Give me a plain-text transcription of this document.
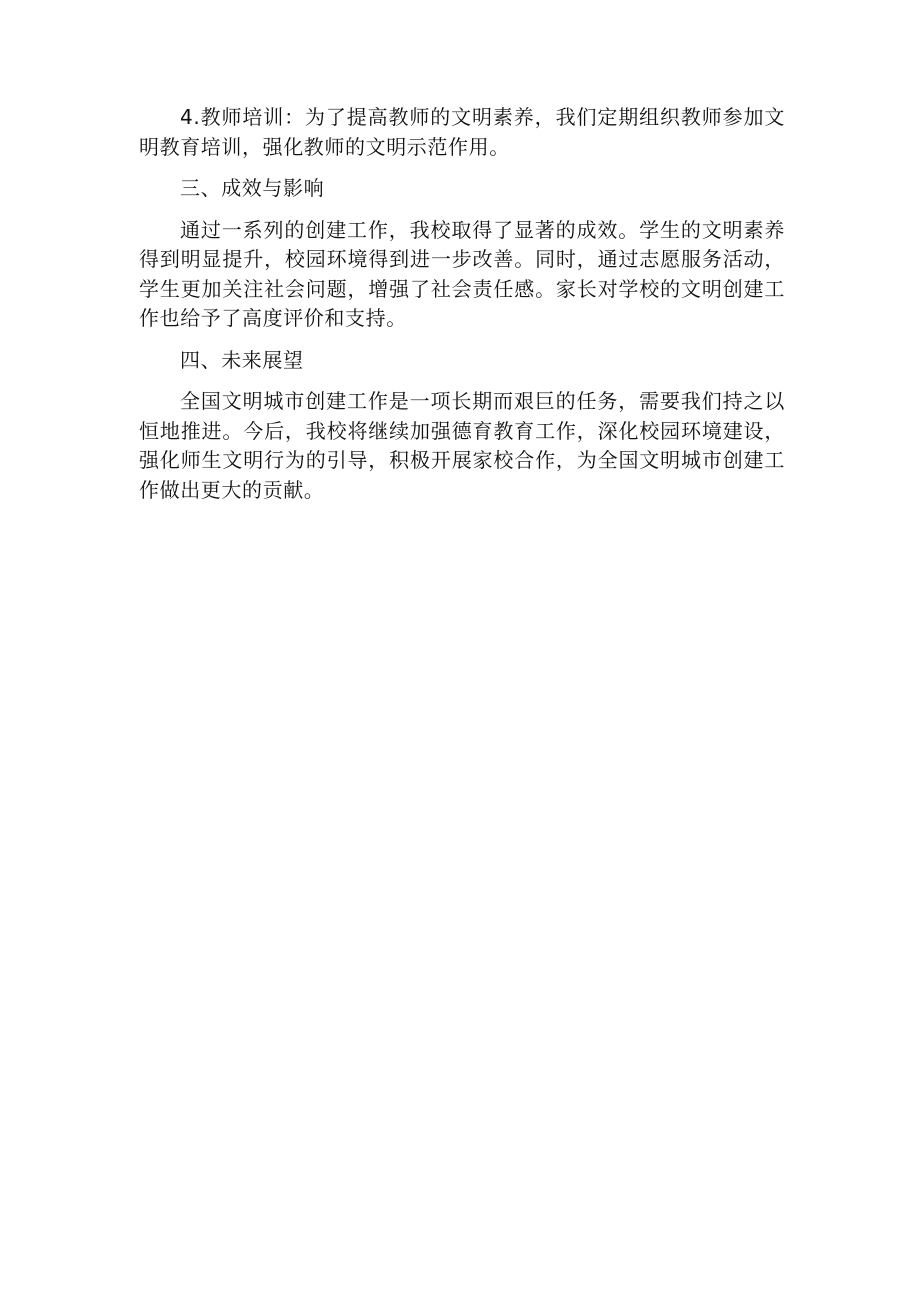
4.教师培训：为了提高教师的文明素养，我们定期组织教师参加文明教育培训，强化教师的文明示范作用。

三、成效与影响

通过一系列的创建工作，我校取得了显著的成效。学生的文明素养得到明显提升，校园环境得到进一步改善。同时，通过志愿服务活动，学生更加关注社会问题，增强了社会责任感。家长对学校的文明创建工作也给予了高度评价和支持。

四、未来展望

全国文明城市创建工作是一项长期而艰巨的任务，需要我们持之以恒地推进。今后，我校将继续加强德育教育工作，深化校园环境建设，强化师生文明行为的引导，积极开展家校合作，为全国文明城市创建工作做出更大的贡献。
